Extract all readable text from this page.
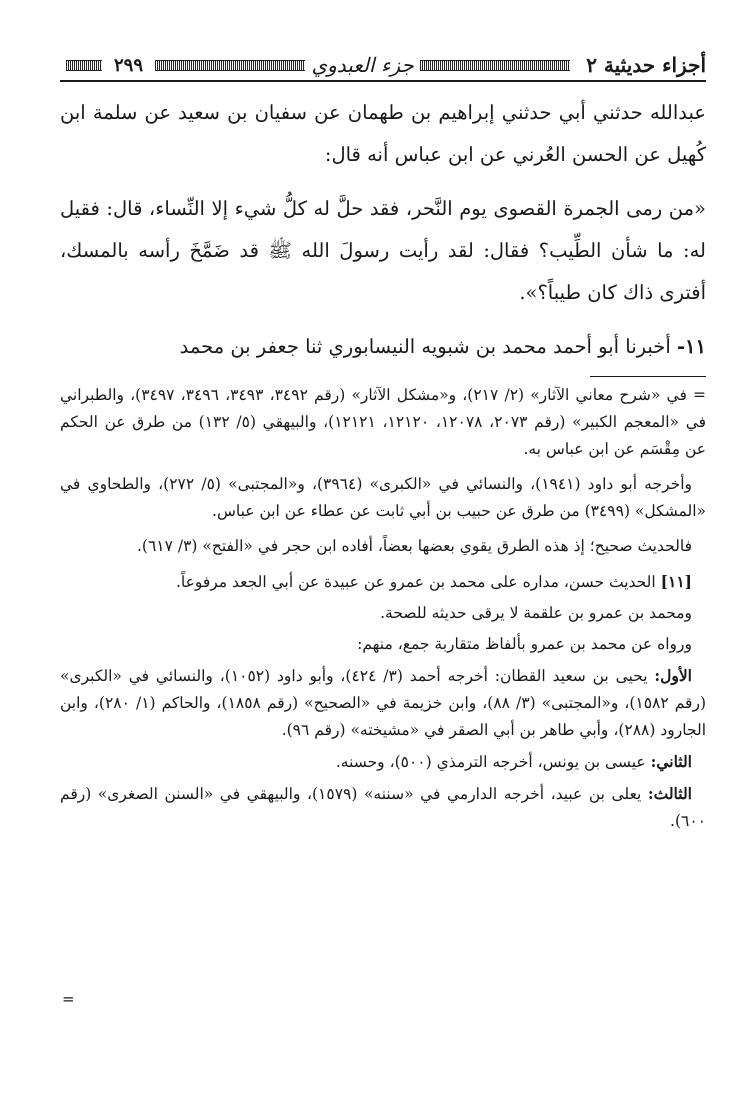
أجزاء حديثية ٢
جزء العبدوي
٢٩٩

عبدالله حدثني أبي حدثني إبراهيم بن طهمان عن سفيان بن سعيد عن سلمة ابن كُهيل عن الحسن العُرني عن ابن عباس أنه قال:

«من رمى الجمرة القصوى يوم النَّحر، فقد حلَّ له كلُّ شيء إلا النِّساء، قال: فقيل له: ما شأن الطِّيب؟ فقال: لقد رأيت رسولَ الله ﷺ قد ضَمَّخَ رأسه بالمسك، أفترى ذاك كان طيباً؟».

١١- أخبرنا أبو أحمد محمد بن شبويه النيسابوري ثنا جعفر بن محمد

= في «شرح معاني الآثار» (٢/ ٢١٧)، و«مشكل الآثار» (رقم ٣٤٩٢، ٣٤٩٣، ٣٤٩٦، ٣٤٩٧)، والطبراني في «المعجم الكبير» (رقم ٢٠٧٣، ١٢٠٧٨، ١٢١٢٠، ١٢١٢١)، والبيهقي (٥/ ١٣٢) من طرق عن الحكم عن مِقْسَم عن ابن عباس به.

وأخرجه أبو داود (١٩٤١)، والنسائي في «الكبرى» (٣٩٦٤)، و«المجتبى» (٥/ ٢٧٢)، والطحاوي في «المشكل» (٣٤٩٩) من طرق عن حبيب بن أبي ثابت عن عطاء عن ابن عباس.

فالحديث صحيح؛ إذ هذه الطرق يقوي بعضها بعضاً، أفاده ابن حجر في «الفتح» (٣/ ٦١٧).

[١١] الحديث حسن، مداره على محمد بن عمرو عن عبيدة عن أبي الجعد مرفوعاً.

ومحمد بن عمرو بن علقمة لا يرقى حديثه للصحة.

ورواه عن محمد بن عمرو بألفاظ متقاربة جمع، منهم:

الأول: يحيى بن سعيد القطان: أخرجه أحمد (٣/ ٤٢٤)، وأبو داود (١٠٥٢)، والنسائي في «الكبرى» (رقم ١٥٨٢)، و«المجتبى» (٣/ ٨٨)، وابن خزيمة في «الصحيح» (رقم ١٨٥٨)، والحاكم (١/ ٢٨٠)، وابن الجارود (٢٨٨)، وأبي طاهر بن أبي الصقر في «مشيخته» (رقم ٩٦).

الثاني: عيسى بن يونس، أخرجه الترمذي (٥٠٠)، وحسنه.

الثالث: يعلى بن عبيد، أخرجه الدارمي في «سننه» (١٥٧٩)، والبيهقي في «السنن الصغرى» (رقم ٦٠٠).

=
